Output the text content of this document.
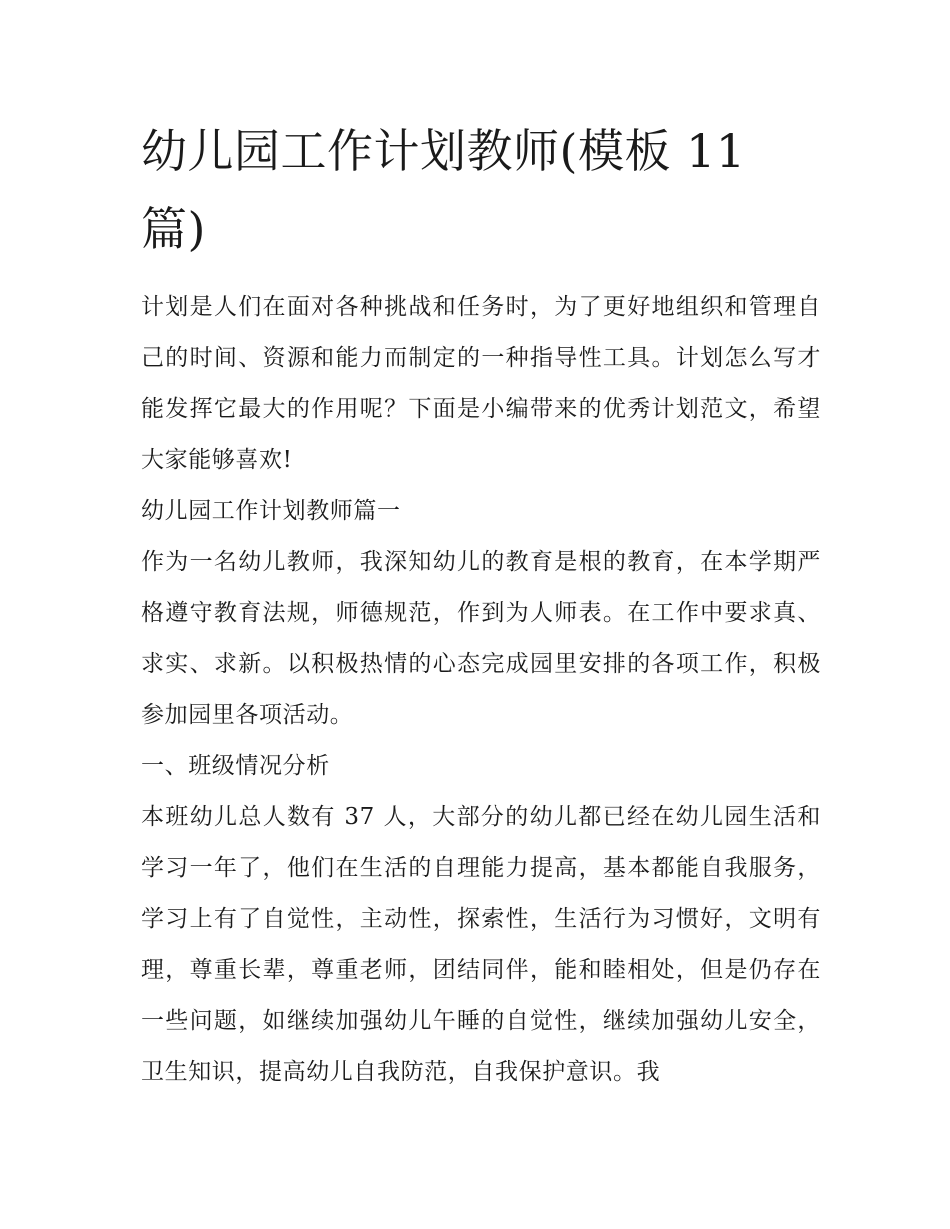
幼儿园工作计划教师(模板 11 篇)

计划是人们在面对各种挑战和任务时，为了更好地组织和管理自己的时间、资源和能力而制定的一种指导性工具。计划怎么写才能发挥它最大的作用呢？下面是小编带来的优秀计划范文，希望大家能够喜欢!

幼儿园工作计划教师篇一

作为一名幼儿教师，我深知幼儿的教育是根的教育，在本学期严格遵守教育法规，师德规范，作到为人师表。在工作中要求真、求实、求新。以积极热情的心态完成园里安排的各项工作，积极参加园里各项活动。

一、班级情况分析

本班幼儿总人数有 37 人，大部分的幼儿都已经在幼儿园生活和学习一年了，他们在生活的自理能力提高，基本都能自我服务，学习上有了自觉性，主动性，探索性，生活行为习惯好，文明有理，尊重长辈，尊重老师，团结同伴，能和睦相处，但是仍存在一些问题，如继续加强幼儿午睡的自觉性，继续加强幼儿安全，卫生知识，提高幼儿自我防范，自我保护意识。我
